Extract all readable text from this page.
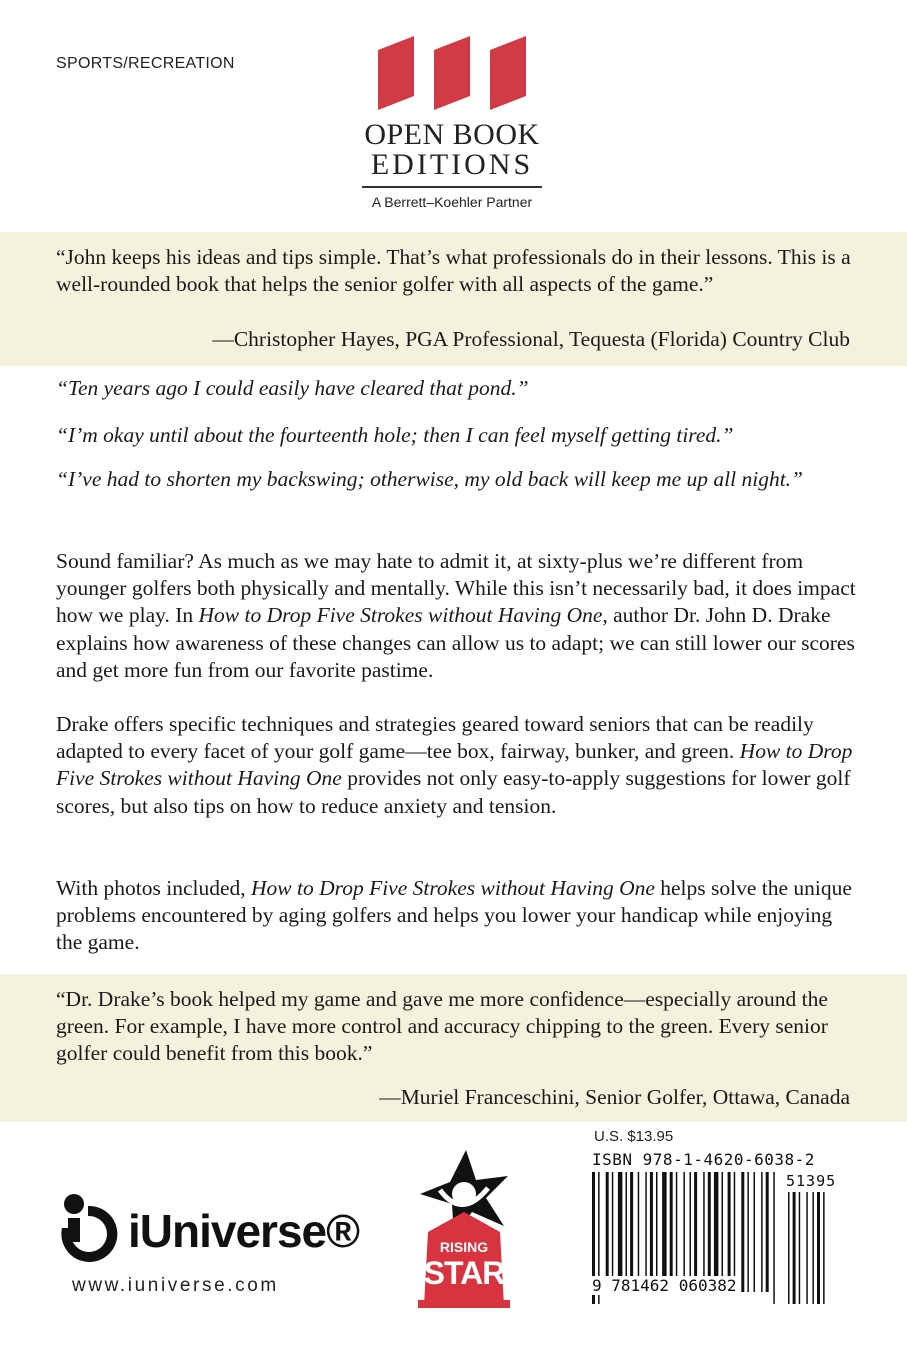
SPORTS/RECREATION
OPEN BOOK
EDITIONS
A Berrett–Koehler Partner
“John keeps his ideas and tips simple. That’s what professionals do in their lessons. This is a well-rounded book that helps the senior golfer with all aspects of the game.”
—Christopher Hayes, PGA Professional, Tequesta (Florida) Country Club
“Ten years ago I could easily have cleared that pond.”
“I’m okay until about the fourteenth hole; then I can feel myself getting tired.”
“I’ve had to shorten my backswing; otherwise, my old back will keep me up all night.”
Sound familiar? As much as we may hate to admit it, at sixty-plus we’re different from younger golfers both physically and mentally. While this isn’t necessarily bad, it does impact how we play. In How to Drop Five Strokes without Having One, author Dr. John D. Drake explains how awareness of these changes can allow us to adapt; we can still lower our scores and get more fun from our favorite pastime.
Drake offers specific techniques and strategies geared toward seniors that can be readily adapted to every facet of your golf game—tee box, fairway, bunker, and green. How to Drop Five Strokes without Having One provides not only easy-to-apply suggestions for lower golf scores, but also tips on how to reduce anxiety and tension.
With photos included, How to Drop Five Strokes without Having One helps solve the unique problems encountered by aging golfers and helps you lower your handicap while enjoying the game.
“Dr. Drake’s book helped my game and gave me more confidence—especially around the green. For example, I have more control and accuracy chipping to the green. Every senior golfer could benefit from this book.”
—Muriel Franceschini, Senior Golfer, Ottawa, Canada
iUniverse®
www.iuniverse.com
RISING
STAR
U.S. $13.95
ISBN 978-1-4620-6038-2
51395
9 781462 060382
